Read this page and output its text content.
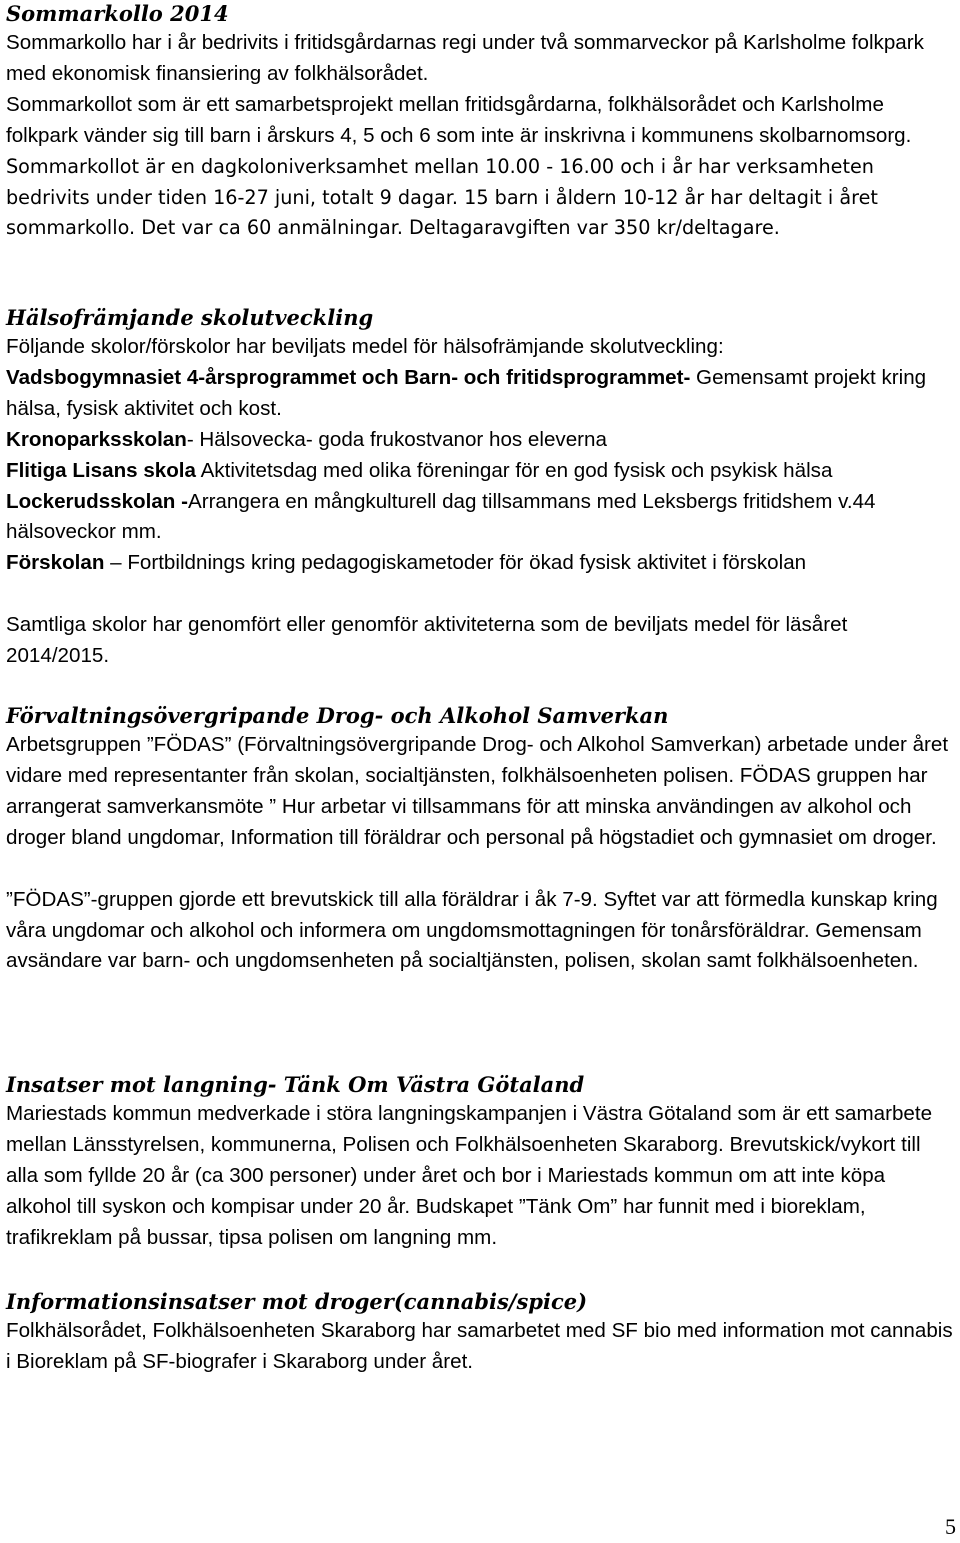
Sommarkollo 2014

Sommarkollo har i år bedrivits i fritidsgårdarnas regi under två sommarveckor på Karlsholme folkpark med ekonomisk finansiering av folkhälsorådet.

Sommarkollot som är ett samarbetsprojekt mellan fritidsgårdarna, folkhälsorådet och Karlsholme folkpark vänder sig till barn i årskurs 4, 5 och 6 som inte är inskrivna i kommunens skolbarnomsorg. Sommarkollot är en dagkoloniverksamhet mellan 10.00 - 16.00 och i år har verksamheten bedrivits under tiden 16-27 juni, totalt 9 dagar. 15 barn i åldern 10-12 år har deltagit i året sommarkollo. Det var ca 60 anmälningar. Deltagaravgiften var 350 kr/deltagare.

Hälsofrämjande skolutveckling

Följande skolor/förskolor har beviljats medel för hälsofrämjande skolutveckling:

Vadsbogymnasiet 4-årsprogrammet och Barn- och fritidsprogrammet- Gemensamt projekt kring hälsa, fysisk aktivitet och kost.

Kronoparksskolan- Hälsovecka- goda frukostvanor hos eleverna

Flitiga Lisans skola Aktivitetsdag med olika föreningar för en god fysisk och psykisk hälsa

Lockerudsskolan -Arrangera en mångkulturell dag tillsammans med Leksbergs fritidshem v.44 hälsoveckor mm.

Förskolan – Fortbildnings kring pedagogiskametoder för ökad fysisk aktivitet i förskolan

Samtliga skolor har genomfört eller genomför aktiviteterna som de beviljats medel för läsåret 2014/2015.

Förvaltningsövergripande Drog- och Alkohol Samverkan

Arbetsgruppen ”FÖDAS” (Förvaltningsövergripande Drog- och Alkohol Samverkan) arbetade under året vidare med representanter från skolan, socialtjänsten, folkhälsoenheten polisen. FÖDAS gruppen har arrangerat samverkansmöte ” Hur arbetar vi tillsammans för att minska användingen av alkohol och droger bland ungdomar, Information till föräldrar och personal på högstadiet och gymnasiet om droger.

”FÖDAS”-gruppen gjorde ett brevutskick till alla föräldrar i åk 7-9. Syftet var att förmedla kunskap kring våra ungdomar och alkohol och informera om ungdomsmottagningen för tonårsföräldrar. Gemensam avsändare var barn- och ungdomsenheten på socialtjänsten, polisen, skolan samt folkhälsoenheten.

Insatser mot langning- Tänk Om Västra Götaland

Mariestads kommun medverkade i störa langningskampanjen i Västra Götaland som är ett samarbete mellan Länsstyrelsen, kommunerna, Polisen och Folkhälsoenheten Skaraborg. Brevutskick/vykort till alla som fyllde 20 år (ca 300 personer) under året och bor i Mariestads kommun om att inte köpa alkohol till syskon och kompisar under 20 år. Budskapet ”Tänk Om” har funnit med i bioreklam, trafikreklam på bussar, tipsa polisen om langning mm.

Informationsinsatser mot droger(cannabis/spice)

Folkhälsorådet, Folkhälsoenheten Skaraborg har samarbetet med SF bio med information mot cannabis i Bioreklam på SF-biografer i Skaraborg under året.

5
